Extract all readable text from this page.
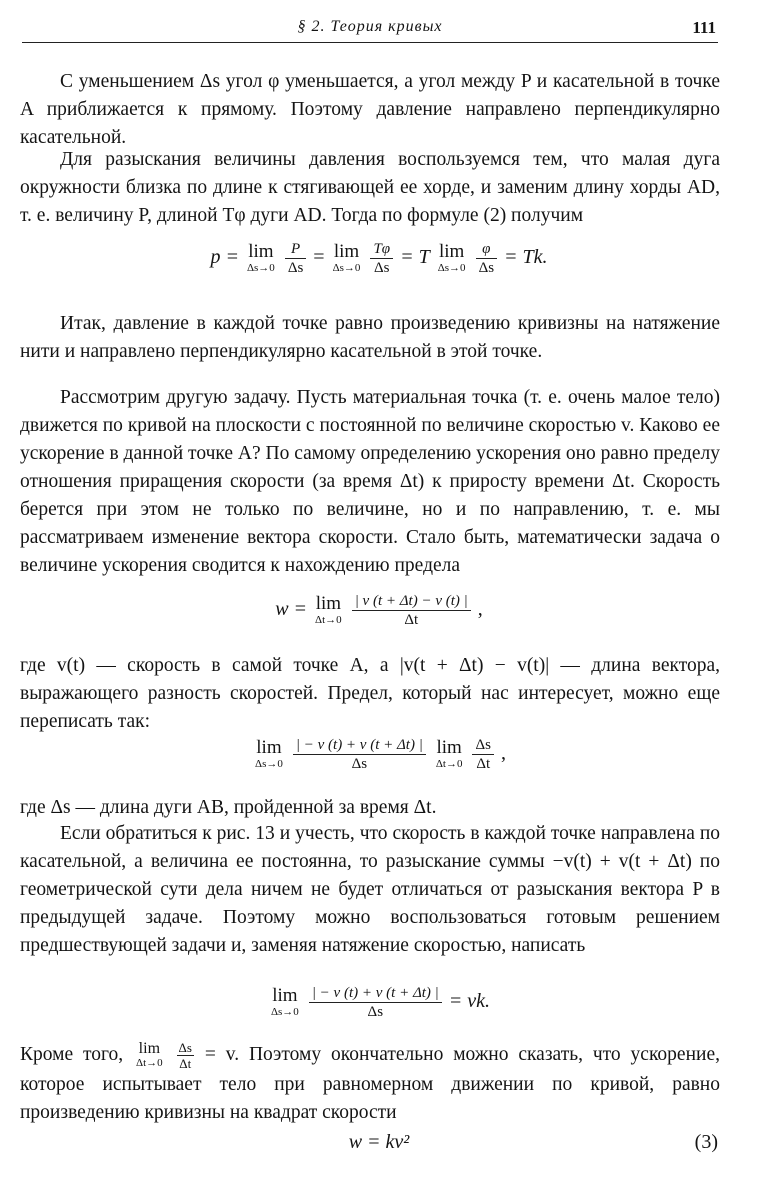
§ 2. Теория кривых	111

С уменьшением Δs угол φ уменьшается, а угол между P и касательной в точке A приближается к прямому. Поэтому давление направлено перпендикулярно касательной.

Для разыскания величины давления воспользуемся тем, что малая дуга окружности близка по длине к стягивающей ее хорде, и заменим длину хорды AD, т. е. величину P, длиной Tφ дуги AD. Тогда по формуле (2) получим

p = lim
Δs→0
$\frac{P}{\Delta s} = \lim$
Δs→0
$\frac{T\varphi}{\Delta s} = T$ lim
Δs→0
$\frac{\varphi}{\Delta s} = Tk$.

Итак, давление в каждой точке равно произведению кривизны на натяжение нити и направлено перпендикулярно касательной в этой точке.

Рассмотрим другую задачу. Пусть материальная точка (т. е. очень малое тело) движется по кривой на плоскости с постоянной по величине скоростью v. Каково ее ускорение в данной точке A? По самому определению ускорения оно равно пределу отношения приращения скорости (за время Δt) к приросту времени Δt. Скорость берется при этом не только по величине, но и по направлению, т. е. мы рассматриваем изменение вектора скорости. Стало быть, математически задача о величине ускорения сводится к нахождению предела

w = lim
Δt→0
$\frac{| v (t + \Delta t) - v (t) |}{\Delta t}$ ,

где v(t) — скорость в самой точке A, а |v(t + Δt) − v(t)| — длина вектора, выражающего разность скоростей. Предел, который нас интересует, можно еще переписать так:

lim
Δs→0
$\frac{| - v (t) + v (t + \Delta t) |}{\Delta s}$
lim
Δt→0
$\frac{\Delta s}{\Delta t}$ ,

где Δs — длина дуги AB, пройденной за время Δt.

Если обратиться к рис. 13 и учесть, что скорость в каждой точке направлена по касательной, а величина ее постоянна, то разыскание суммы −v(t) + v(t + Δt) по геометрической сути дела ничем не будет отличаться от разыскания вектора P в предыдущей задаче. Поэтому можно воспользоваться готовым решением предшествующей задачи и, заменяя натяжение скоростью, написать

lim
Δs→0
$\frac{| - v (t) + v (t + \Delta t) |}{\Delta s}$ = vk.

Кроме того, lim
Δt→0
$\frac{\Delta s}{\Delta t} = v$. Поэтому окончательно можно сказать, что ускорение, которое испытывает тело при равномерном движении по кривой, равно произведению кривизны на квадрат скорости

w = kv²	(3)
